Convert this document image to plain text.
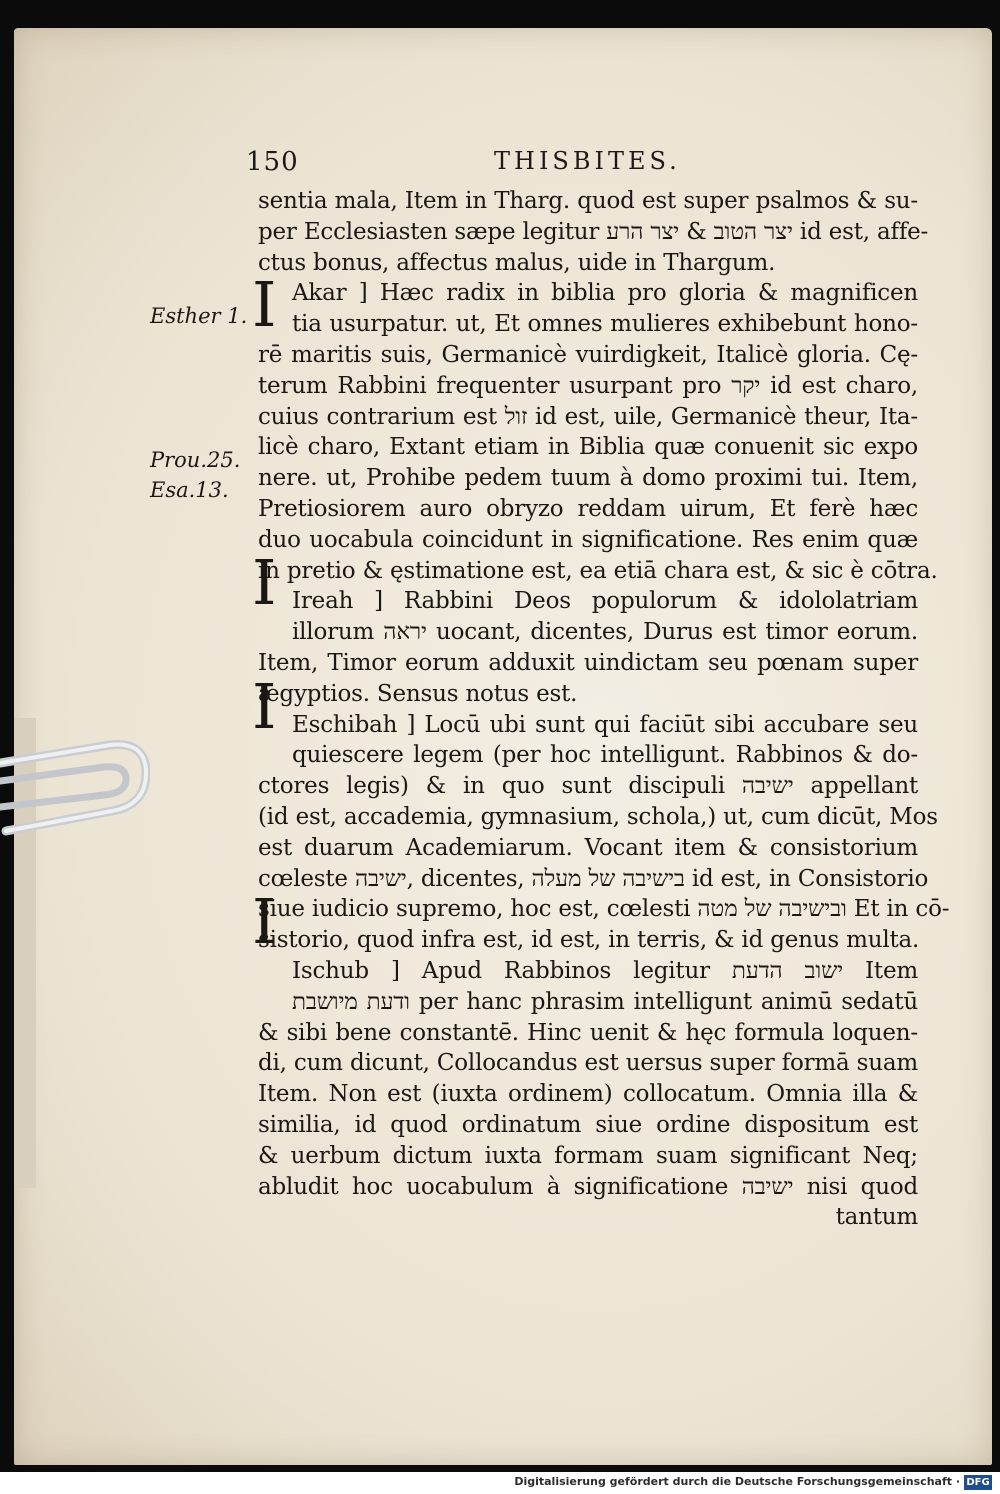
150	THISBITES.
Esther 1.
Prou.25.
Esa.13.
I
I
I
I
sentia mala, Item in Tharg. quod est super psalmos & su-
per Ecclesiasten sæpe legitur יצר הטוב & יצר הרע id est, affe-
ctus bonus, affectus malus, uide in Thargum.
Akar ] Hæc radix in biblia pro gloria & magnificen
tia usurpatur. ut, Et omnes mulieres exhibebunt hono-
rē maritis suis, Germanicè vuirdigkeit, Italicè gloria. Cę-
terum Rabbini frequenter usurpant pro יקר id est charo,
cuius contrarium est זול id est, uile, Germanicè theur, Ita-
licè charo, Extant etiam in Biblia quæ conuenit sic expo
nere. ut, Prohibe pedem tuum à domo proximi tui. Item,
Pretiosiorem auro obryzo reddam uirum, Et ferè hæc
duo uocabula coincidunt in significatione. Res enim quæ
in pretio & ęstimatione est, ea etiā chara est, & sic è cōtra.
Ireah ] Rabbini Deos populorum & idololatriam
illorum יראה uocant, dicentes, Durus est timor eorum.
Item, Timor eorum adduxit uindictam seu pœnam super
ægyptios. Sensus notus est.
Eschibah ] Locū ubi sunt qui faciūt sibi accubare seu
quiescere legem (per hoc intelligunt. Rabbinos & do-
ctores legis) & in quo sunt discipuli ישיבה appellant
(id est, accademia, gymnasium, schola,) ut, cum dicūt, Mos
est duarum Academiarum. Vocant item & consistorium
cœleste ישיבה, dicentes, בישיבה של מעלה id est, in Consistorio
siue iudicio supremo, hoc est, cœlesti ובישיבה של מטה Et in cō-
sistorio, quod infra est, id est, in terris, & id genus multa.
Ischub ] Apud Rabbinos legitur ישוב הדעת Item
ודעת מיושבת per hanc phrasim intelligunt animū sedatū
& sibi bene constantē. Hinc uenit & hęc formula loquen-
di, cum dicunt, Collocandus est uersus super formā suam
Item. Non est (iuxta ordinem) collocatum. Omnia illa &
similia, id quod ordinatum siue ordine dispositum est
& uerbum dictum iuxta formam suam significant Neq;
abludit hoc uocabulum à significatione ישיבה nisi quod
tantum
Digitalisierung gefördert durch die Deutsche Forschungsgemeinschaft · DFG
